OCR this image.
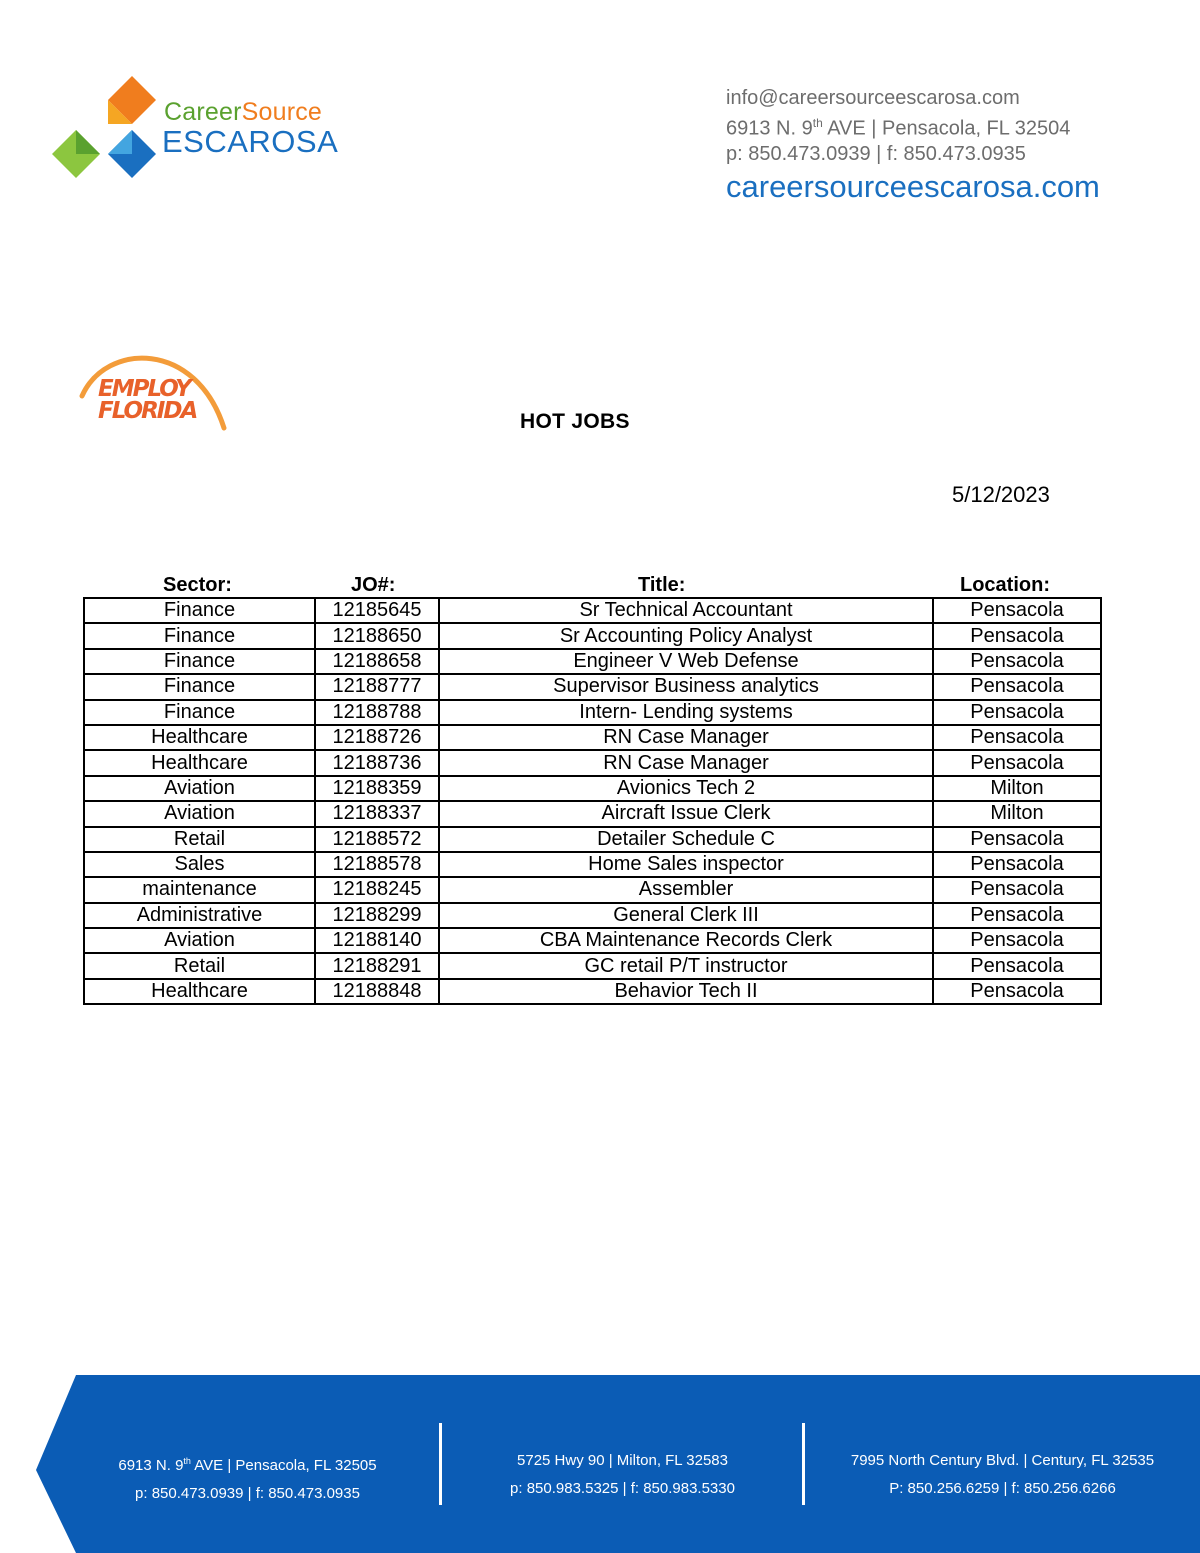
CareerSource
ESCAROSA
info@careersourceescarosa.com
6913 N. 9th AVE | Pensacola, FL 32504
p: 850.473.0939 | f: 850.473.0935
careersourceescarosa.com
EMPLOY
FLORIDA	HOT JOBS
5/12/2023
Sector:	JO#:	Title:	Location:
Finance	12185645	Sr Technical Accountant	Pensacola
Finance	12188650	Sr Accounting Policy Analyst	Pensacola
Finance	12188658	Engineer V Web Defense	Pensacola
Finance	12188777	Supervisor Business analytics	Pensacola
Finance	12188788	Intern- Lending systems	Pensacola
Healthcare	12188726	RN Case Manager	Pensacola
Healthcare	12188736	RN Case Manager	Pensacola
Aviation	12188359	Avionics Tech 2	Milton
Aviation	12188337	Aircraft Issue Clerk	Milton
Retail	12188572	Detailer Schedule C	Pensacola
Sales	12188578	Home Sales inspector	Pensacola
maintenance	12188245	Assembler	Pensacola
Administrative	12188299	General Clerk III	Pensacola
Aviation	12188140	CBA Maintenance Records Clerk	Pensacola
Retail	12188291	GC retail P/T instructor	Pensacola
Healthcare	12188848	Behavior Tech II	Pensacola
6913 N. 9th AVE | Pensacola, FL 32505
p: 850.473.0939 | f: 850.473.0935
5725 Hwy 90 | Milton, FL 32583
p: 850.983.5325 | f: 850.983.5330
7995 North Century Blvd. | Century, FL 32535
P: 850.256.6259 | f: 850.256.6266
